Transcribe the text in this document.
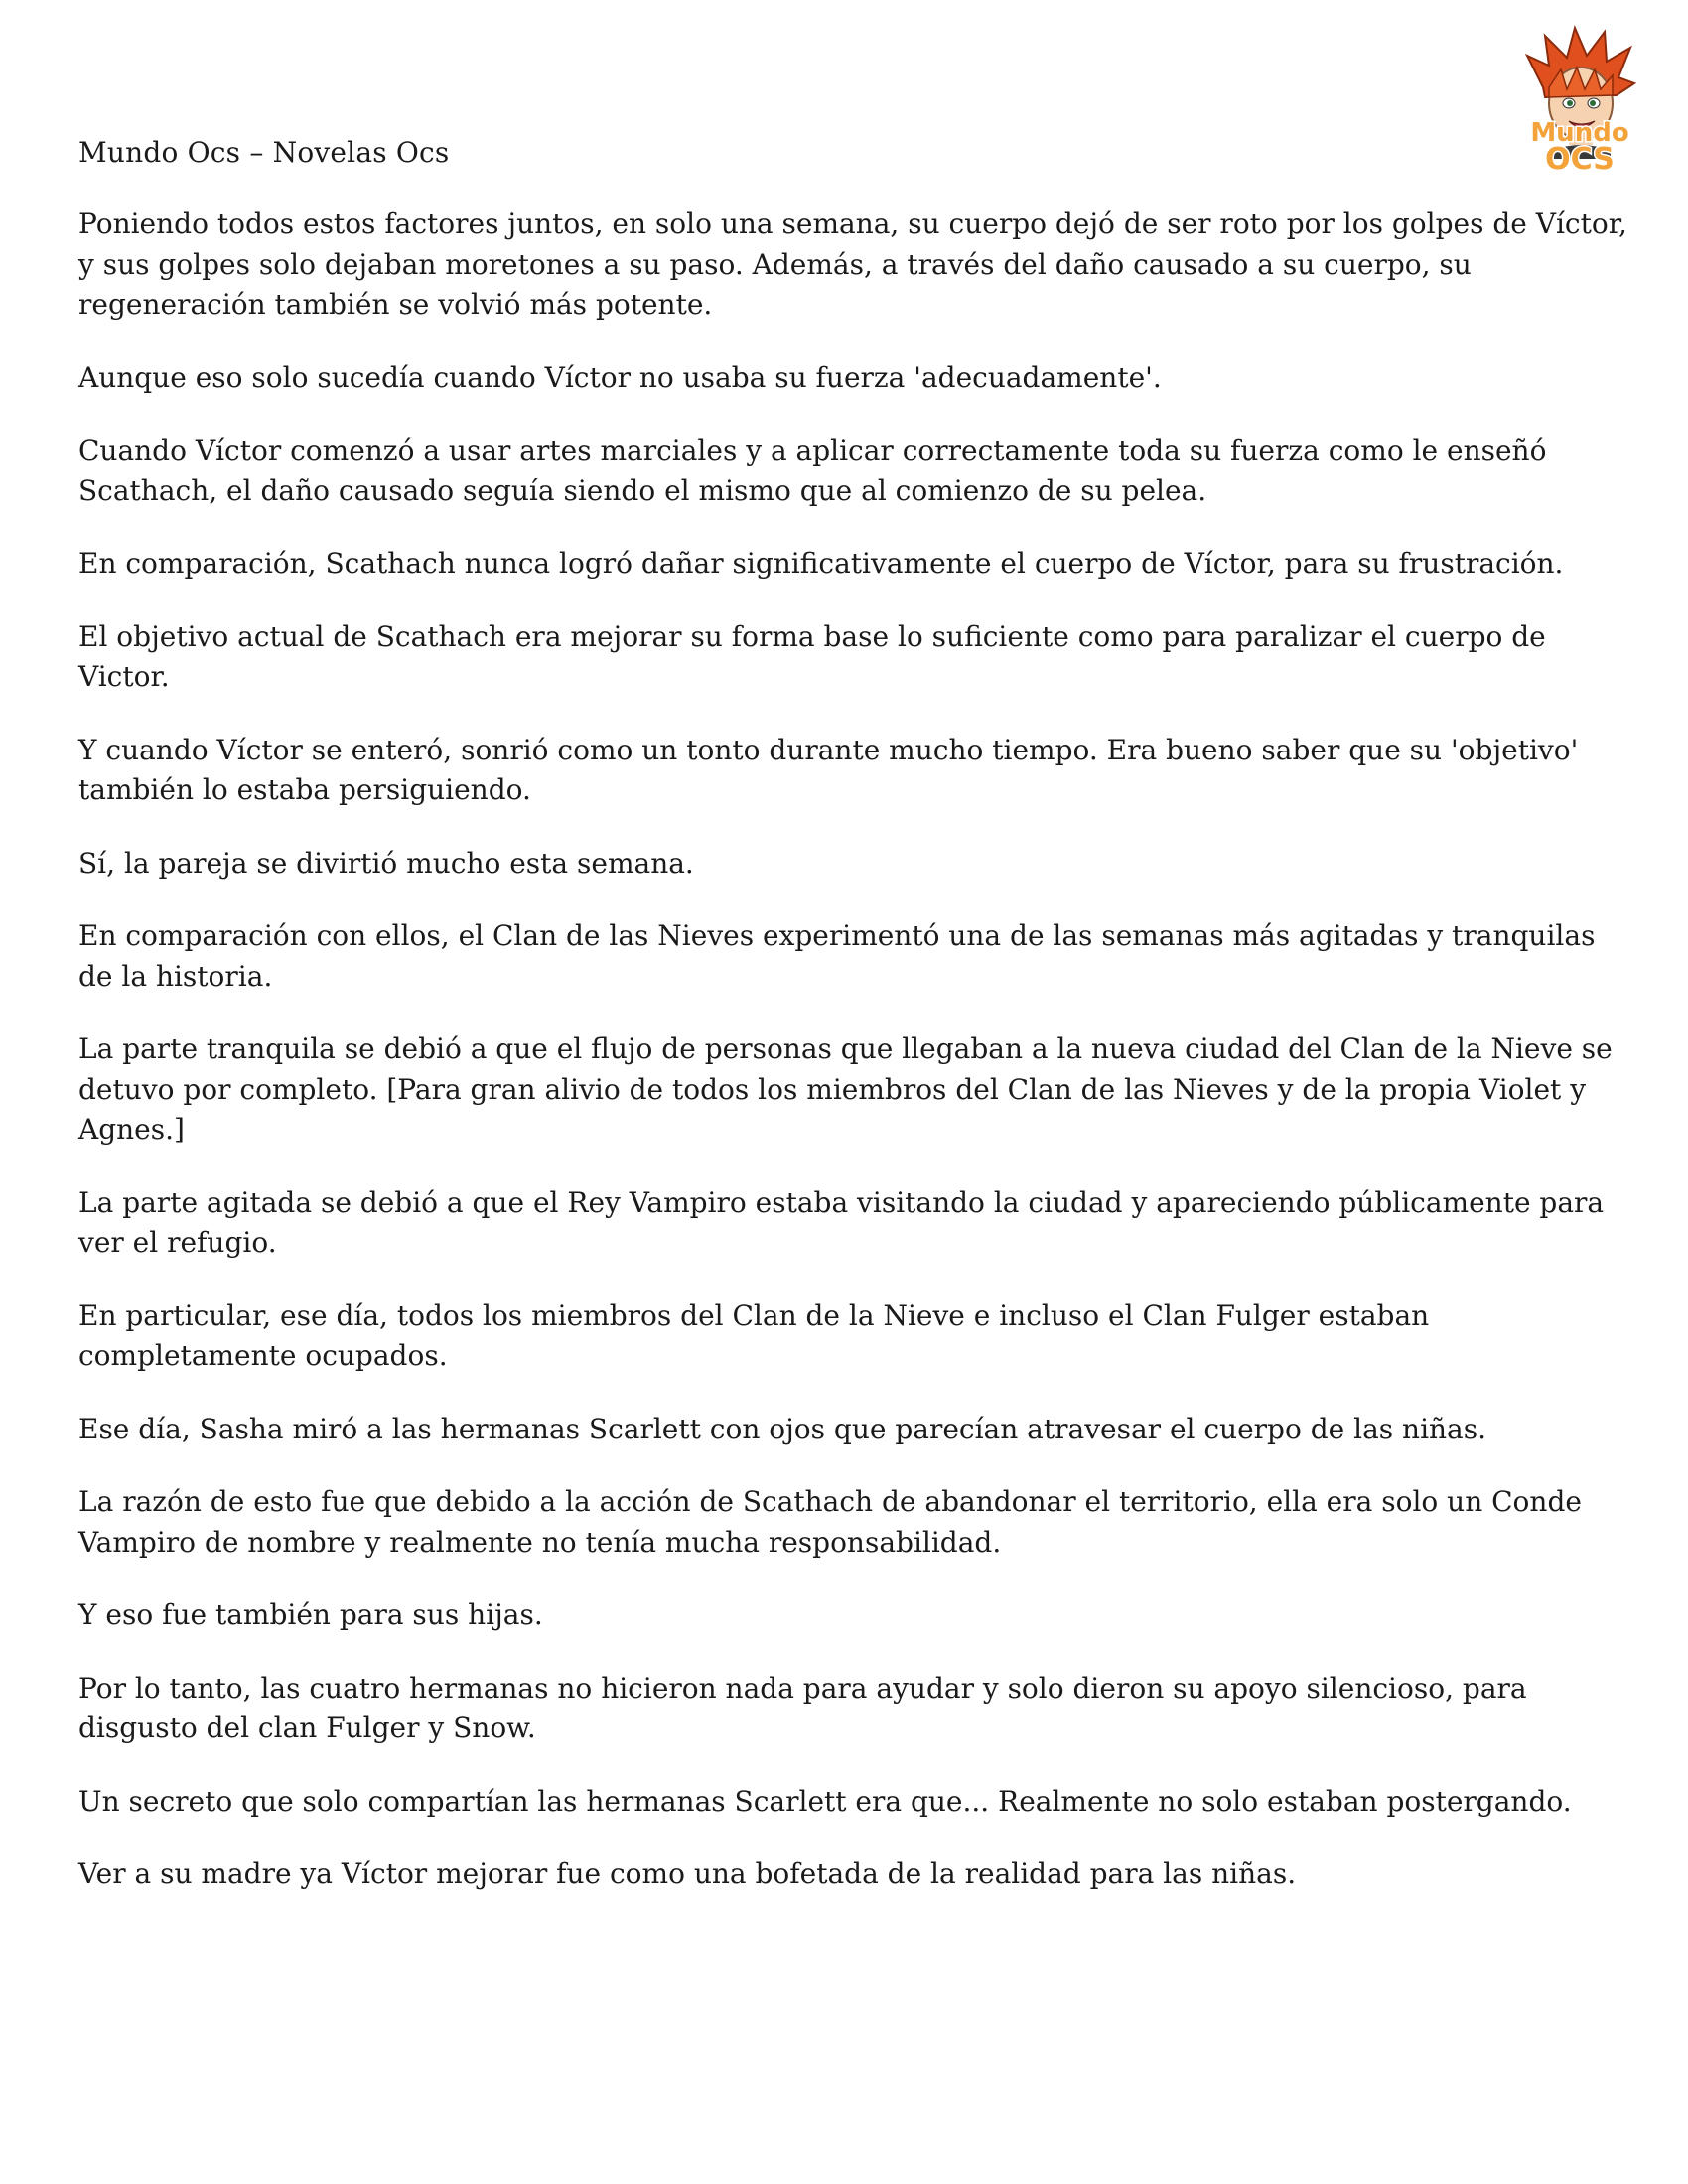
Mundo Ocs – Novelas Ocs
Mundo
OCS

Poniendo todos estos factores juntos, en solo una semana, su cuerpo dejó de ser roto por los golpes de Víctor, y sus golpes solo dejaban moretones a su paso. Además, a través del daño causado a su cuerpo, su regeneración también se volvió más potente.

Aunque eso solo sucedía cuando Víctor no usaba su fuerza 'adecuadamente'.

Cuando Víctor comenzó a usar artes marciales y a aplicar correctamente toda su fuerza como le enseñó Scathach, el daño causado seguía siendo el mismo que al comienzo de su pelea.

En comparación, Scathach nunca logró dañar significativamente el cuerpo de Víctor, para su frustración.

El objetivo actual de Scathach era mejorar su forma base lo suficiente como para paralizar el cuerpo de Victor.

Y cuando Víctor se enteró, sonrió como un tonto durante mucho tiempo. Era bueno saber que su 'objetivo' también lo estaba persiguiendo.

Sí, la pareja se divirtió mucho esta semana.

En comparación con ellos, el Clan de las Nieves experimentó una de las semanas más agitadas y tranquilas de la historia.

La parte tranquila se debió a que el flujo de personas que llegaban a la nueva ciudad del Clan de la Nieve se detuvo por completo. [Para gran alivio de todos los miembros del Clan de las Nieves y de la propia Violet y Agnes.]

La parte agitada se debió a que el Rey Vampiro estaba visitando la ciudad y apareciendo públicamente para ver el refugio.

En particular, ese día, todos los miembros del Clan de la Nieve e incluso el Clan Fulger estaban completamente ocupados.

Ese día, Sasha miró a las hermanas Scarlett con ojos que parecían atravesar el cuerpo de las niñas.

La razón de esto fue que debido a la acción de Scathach de abandonar el territorio, ella era solo un Conde Vampiro de nombre y realmente no tenía mucha responsabilidad.

Y eso fue también para sus hijas.

Por lo tanto, las cuatro hermanas no hicieron nada para ayudar y solo dieron su apoyo silencioso, para disgusto del clan Fulger y Snow.

Un secreto que solo compartían las hermanas Scarlett era que... Realmente no solo estaban postergando.

Ver a su madre ya Víctor mejorar fue como una bofetada de la realidad para las niñas.
